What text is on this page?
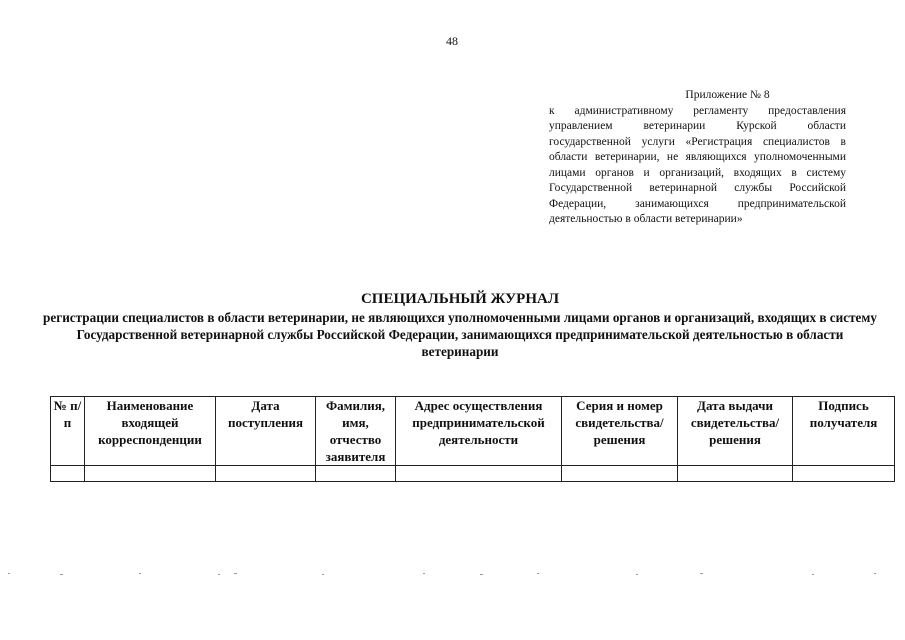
48
Приложение № 8
к административному регламенту предоставления управлением ветеринарии Курской области государственной услуги «Регистрация специалистов в области ветеринарии, не являющихся уполномоченными лицами органов и организаций, входящих в систему Государственной ветеринарной службы Российской Федерации, занимающихся предпринимательской деятельностью в области ветеринарии»
СПЕЦИАЛЬНЫЙ ЖУРНАЛ
регистрации специалистов в области ветеринарии, не являющихся уполномоченными лицами органов и организаций, входящих в систему Государственной ветеринарной службы Российской Федерации, занимающихся предпринимательской деятельностью в области ветеринарии
№ п/п	Наименование входящей корреспонденции	Дата поступления	Фамилия, имя, отчество заявителя	Адрес осуществления предпринимательской деятельности	Серия и номер свидетельства/ решения	Дата выдачи свидетельства/ решения	Подпись получателя
